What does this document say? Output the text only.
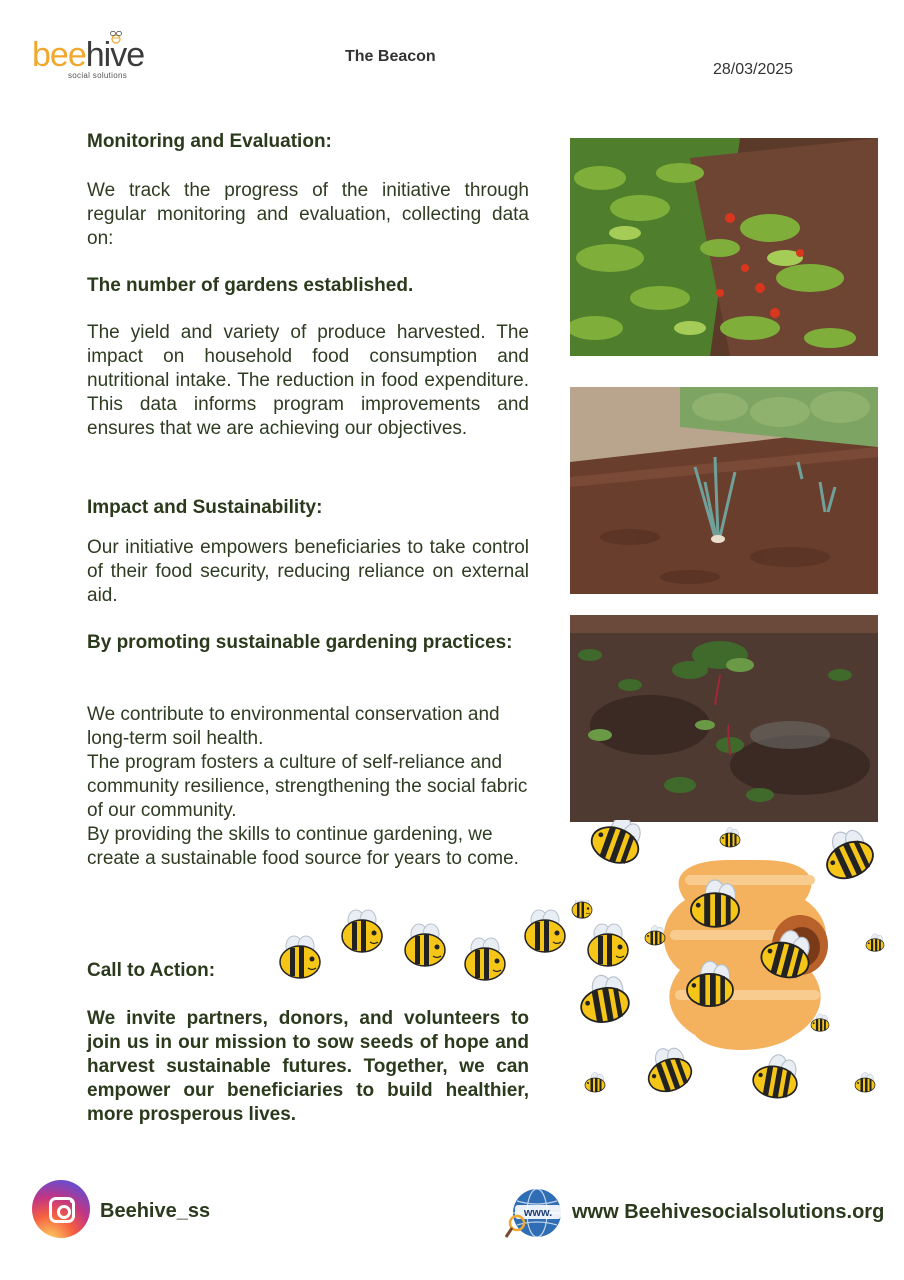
beehive
social solutions
The Beacon
28/03/2025

Monitoring and Evaluation:

We track the progress of the initiative through regular monitoring and evaluation, collecting data on:

The number of gardens established.

The yield and variety of produce harvested. The impact on household food consumption and nutritional intake. The reduction in food expenditure. This data informs program improvements and ensures that we are achieving our objectives.

Impact and Sustainability:

Our initiative empowers beneficiaries to take control of their food security, reducing reliance on external aid.

By promoting sustainable gardening practices:

We contribute to environmental conservation and long-term soil health.

The program fosters a culture of self-reliance and community resilience, strengthening the social fabric of our community.

By providing the skills to continue gardening, we create a sustainable food source for years to come.

Call to Action:

We invite partners, donors, and volunteers to join us in our mission to sow seeds of hope and harvest sustainable futures. Together, we can empower our beneficiaries to build healthier, more prosperous lives.

Beehive_ss	www. www Beehivesocialsolutions.org
